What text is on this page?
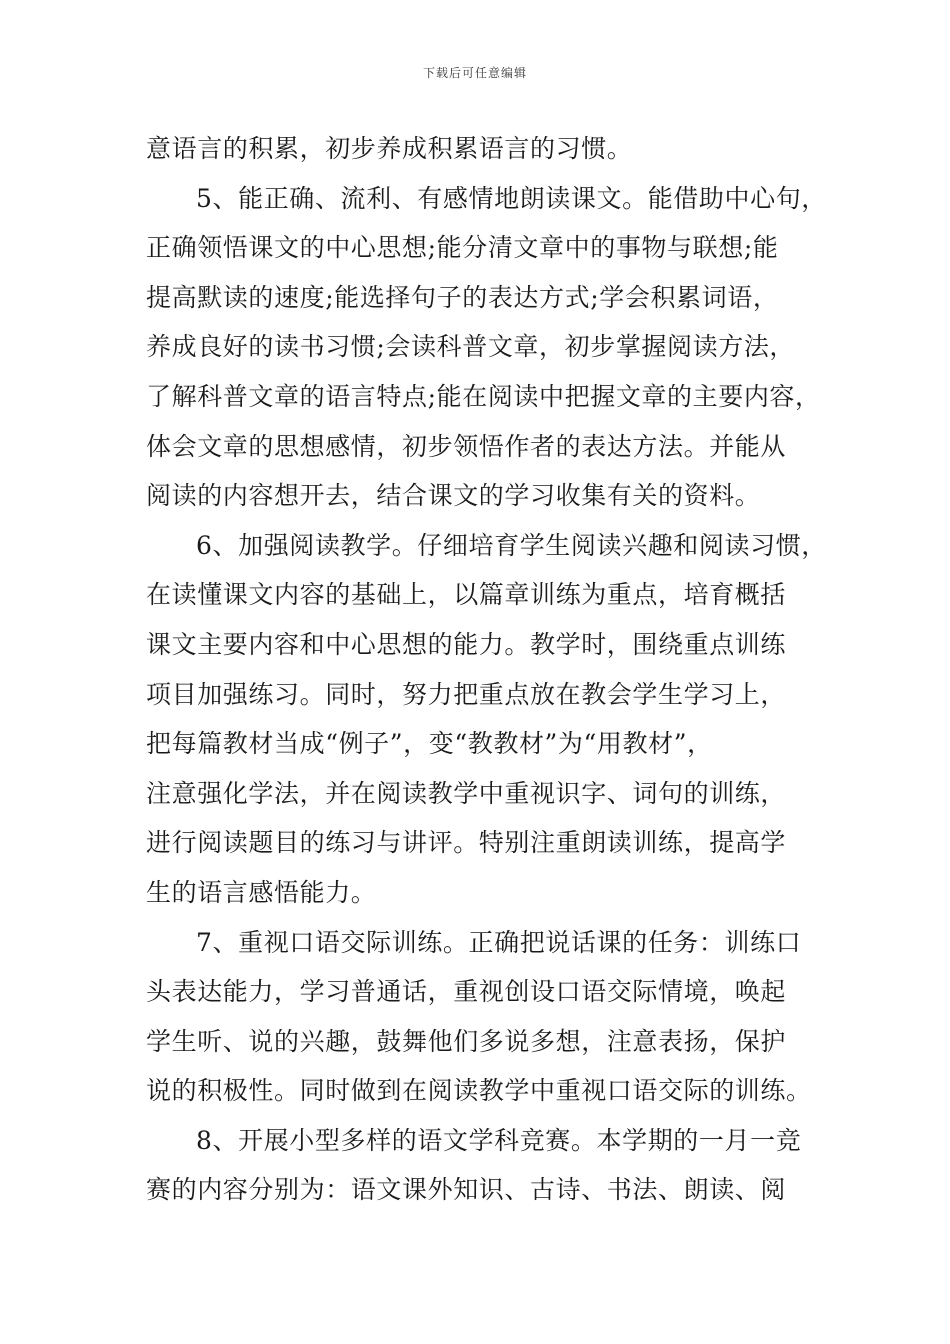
下载后可任意编辑
意语言的积累，初步养成积累语言的习惯。
5、能正确、流利、有感情地朗读课文。能借助中心句，
正确领悟课文的中心思想;能分清文章中的事物与联想;能
提高默读的速度;能选择句子的表达方式;学会积累词语，
养成良好的读书习惯;会读科普文章，初步掌握阅读方法，
了解科普文章的语言特点;能在阅读中把握文章的主要内容，
体会文章的思想感情，初步领悟作者的表达方法。并能从
阅读的内容想开去，结合课文的学习收集有关的资料。
6、加强阅读教学。仔细培育学生阅读兴趣和阅读习惯，
在读懂课文内容的基础上，以篇章训练为重点，培育概括
课文主要内容和中心思想的能力。教学时，围绕重点训练
项目加强练习。同时，努力把重点放在教会学生学习上，
把每篇教材当成“例子”，变“教教材”为“用教材”，
注意强化学法，并在阅读教学中重视识字、词句的训练，
进行阅读题目的练习与讲评。特别注重朗读训练，提高学
生的语言感悟能力。
7、重视口语交际训练。正确把说话课的任务：训练口
头表达能力，学习普通话，重视创设口语交际情境，唤起
学生听、说的兴趣，鼓舞他们多说多想，注意表扬，保护
说的积极性。同时做到在阅读教学中重视口语交际的训练。
8、开展小型多样的语文学科竞赛。本学期的一月一竞
赛的内容分别为：语文课外知识、古诗、书法、朗读、阅
